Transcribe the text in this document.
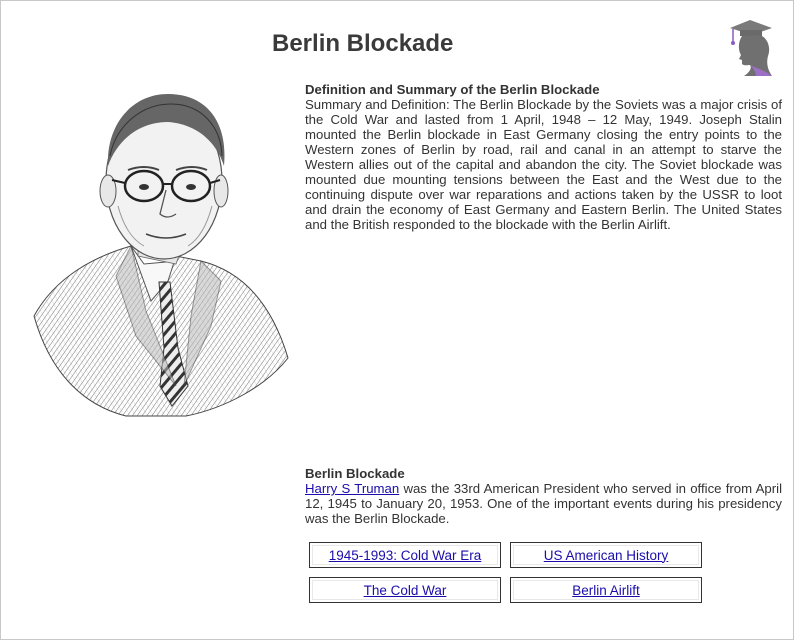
Berlin Blockade
Definition and Summary of the Berlin Blockade

Summary and Definition: The Berlin Blockade by the Soviets was a major crisis of the Cold War and lasted from 1 April, 1948 – 12 May, 1949. Joseph Stalin mounted the Berlin blockade in East Germany closing the entry points to the Western zones of Berlin by road, rail and canal in an attempt to starve the Western allies out of the capital and abandon the city. The Soviet blockade was mounted due mounting tensions between the East and the West due to the continuing dispute over war reparations and actions taken by the USSR to loot and drain the economy of East Germany and Eastern Berlin. The United States and the British responded to the blockade with the Berlin Airlift.

Berlin Blockade

Harry S Truman was the 33rd American President who served in office from April 12, 1945 to January 20, 1953. One of the important events during his presidency was the Berlin Blockade.

1945-1993: Cold War Era	US American History
The Cold War	Berlin Airlift
